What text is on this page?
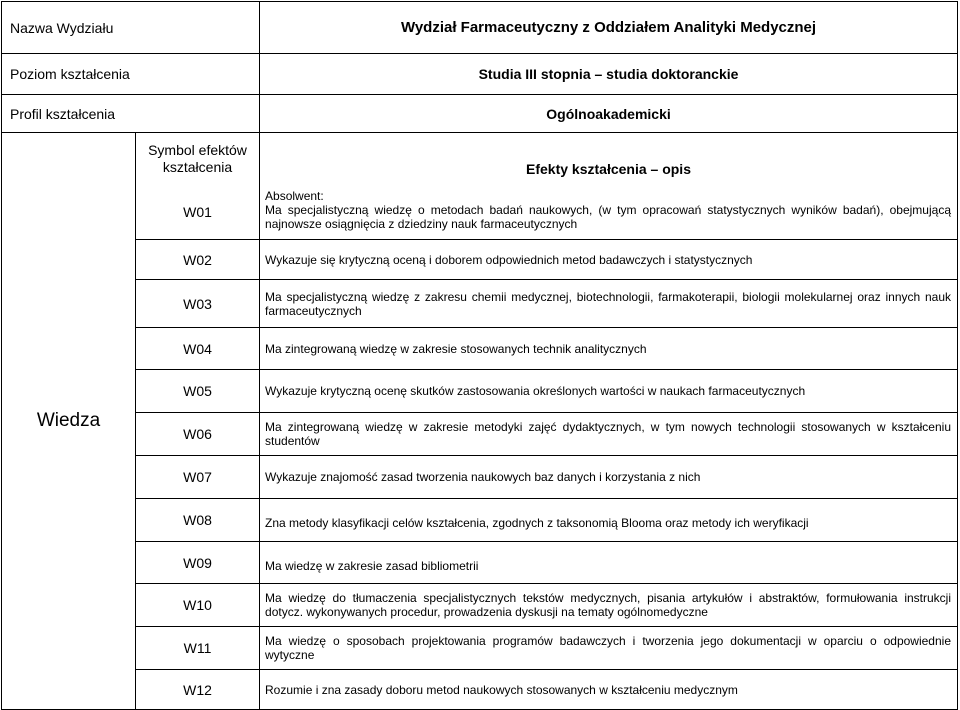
Nazwa Wydziału		Wydział Farmaceutyczny z Oddziałem Analityki Medycznej
Poziom kształcenia		Studia III stopnia – studia doktoranckie
Profil kształcenia		Ogólnoakademicki
Wiedza	Symbol efektów kształcenia	Efekty kształcenia – opis
	W01	Absolwent:
Ma specjalistyczną wiedzę o metodach badań naukowych, (w tym opracowań statystycznych wyników badań), obejmującą najnowsze osiągnięcia z dziedziny nauk farmaceutycznych

	W02	Wykazuje się krytyczną oceną i doborem odpowiednich metod badawczych i statystycznych
	W03	Ma specjalistyczną wiedzę z zakresu chemii medycznej, biotechnologii, farmakoterapii, biologii molekularnej oraz innych nauk farmaceutycznych
	W04	Ma zintegrowaną wiedzę w zakresie stosowanych technik analitycznych
	W05	Wykazuje krytyczną ocenę skutków zastosowania określonych wartości w naukach farmaceutycznych
	W06	Ma zintegrowaną wiedzę w zakresie metodyki zajęć dydaktycznych, w tym nowych technologii stosowanych w kształceniu studentów
	W07	Wykazuje znajomość zasad tworzenia naukowych baz danych i korzystania z nich
	W08	Zna metody klasyfikacji celów kształcenia, zgodnych z taksonomią Blooma oraz metody ich weryfikacji
	W09	Ma wiedzę w zakresie zasad bibliometrii
	W10	Ma wiedzę do tłumaczenia specjalistycznych tekstów medycznych, pisania artykułów i abstraktów, formułowania instrukcji dotycz. wykonywanych procedur, prowadzenia dyskusji na tematy ogólnomedyczne
	W11	Ma wiedzę o sposobach projektowania programów badawczych i tworzenia jego dokumentacji w oparciu o odpowiednie wytyczne
	W12	Rozumie i zna zasady doboru metod naukowych stosowanych w kształceniu medycznym
